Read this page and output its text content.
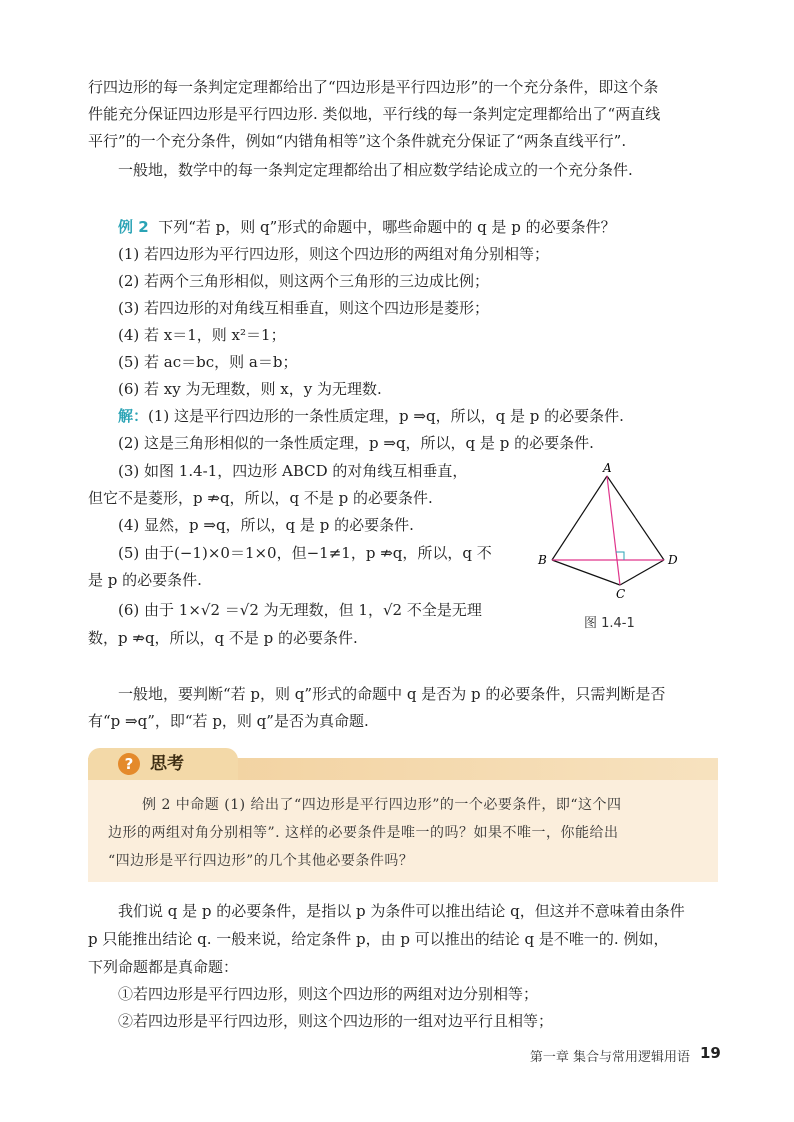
行四边形的每一条判定定理都给出了“四边形是平行四边形”的一个充分条件，即这个条
件能充分保证四边形是平行四边形. 类似地，平行线的每一条判定定理都给出了“两直线
平行”的一个充分条件，例如“内错角相等”这个条件就充分保证了“两条直线平行”.
一般地，数学中的每一条判定定理都给出了相应数学结论成立的一个充分条件.
例 2 下列“若 p，则 q”形式的命题中，哪些命题中的 q 是 p 的必要条件？
(1) 若四边形为平行四边形，则这个四边形的两组对角分别相等；
(2) 若两个三角形相似，则这两个三角形的三边成比例；
(3) 若四边形的对角线互相垂直，则这个四边形是菱形；
(4) 若 x＝1，则 x²＝1；
(5) 若 ac＝bc，则 a＝b；
(6) 若 xy 为无理数，则 x，y 为无理数.
解：(1) 这是平行四边形的一条性质定理，p ⇒q，所以，q 是 p 的必要条件.
(2) 这是三角形相似的一条性质定理，p ⇒q，所以，q 是 p 的必要条件.
(3) 如图 1.4-1，四边形 ABCD 的对角线互相垂直，
但它不是菱形，p ⇏q，所以，q 不是 p 的必要条件.
(4) 显然，p ⇒q，所以，q 是 p 的必要条件.
(5) 由于(−1)×0＝1×0，但−1≠1，p ⇏q，所以，q 不
是 p 的必要条件.
(6) 由于 1×√2 ＝√2 为无理数，但 1，√2 不全是无理
数，p ⇏q，所以，q 不是 p 的必要条件.
A
B
C
D
图 1.4-1
一般地，要判断“若 p，则 q”形式的命题中 q 是否为 p 的必要条件，只需判断是否
有“p ⇒q”，即“若 p，则 q”是否为真命题.
? 思考
例 2 中命题 (1) 给出了“四边形是平行四边形”的一个必要条件，即“这个四
边形的两组对角分别相等”. 这样的必要条件是唯一的吗？如果不唯一，你能给出
“四边形是平行四边形”的几个其他必要条件吗？
我们说 q 是 p 的必要条件，是指以 p 为条件可以推出结论 q，但这并不意味着由条件
p 只能推出结论 q. 一般来说，给定条件 p，由 p 可以推出的结论 q 是不唯一的. 例如，
下列命题都是真命题：
①若四边形是平行四边形，则这个四边形的两组对边分别相等；
②若四边形是平行四边形，则这个四边形的一组对边平行且相等；
第一章 集合与常用逻辑用语 19
